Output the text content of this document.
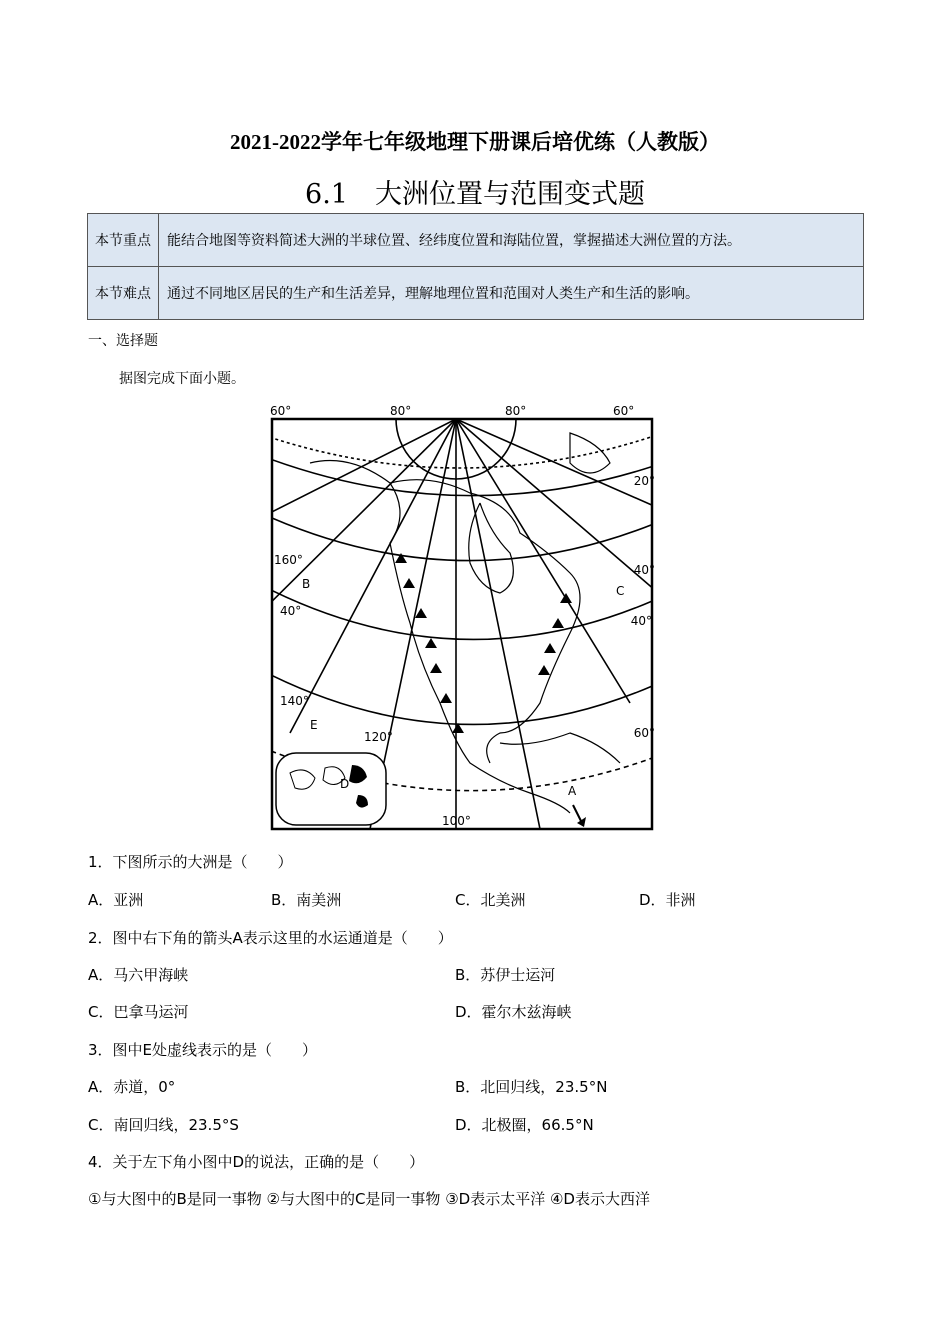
2021-2022学年七年级地理下册课后培优练（人教版）
6.1　大洲位置与范围变式题
本节重点	能结合地图等资料简述大洲的半球位置、经纬度位置和海陆位置，掌握描述大洲位置的方法。
本节难点	通过不同地区居民的生产和生活差异，理解地理位置和范围对人类生产和生活的影响。
一、选择题
据图完成下面小题。
60°	80°	80°	60°
20°
40°
40°
60°
160°
40°
140°
120°
100°
A
B	C
D
E
1．下图所示的大洲是（　　）
A．亚洲	B．南美洲	C．北美洲	D．非洲
2．图中右下角的箭头A表示这里的水运通道是（　　）
A．马六甲海峡	B．苏伊士运河
C．巴拿马运河	D．霍尔木兹海峡
3．图中E处虚线表示的是（　　）
A．赤道，0°	B．北回归线，23.5°N
C．南回归线，23.5°S	D．北极圈，66.5°N
4．关于左下角小图中D的说法，正确的是（　　）
①与大图中的B是同一事物 ②与大图中的C是同一事物 ③D表示太平洋 ④D表示大西洋
